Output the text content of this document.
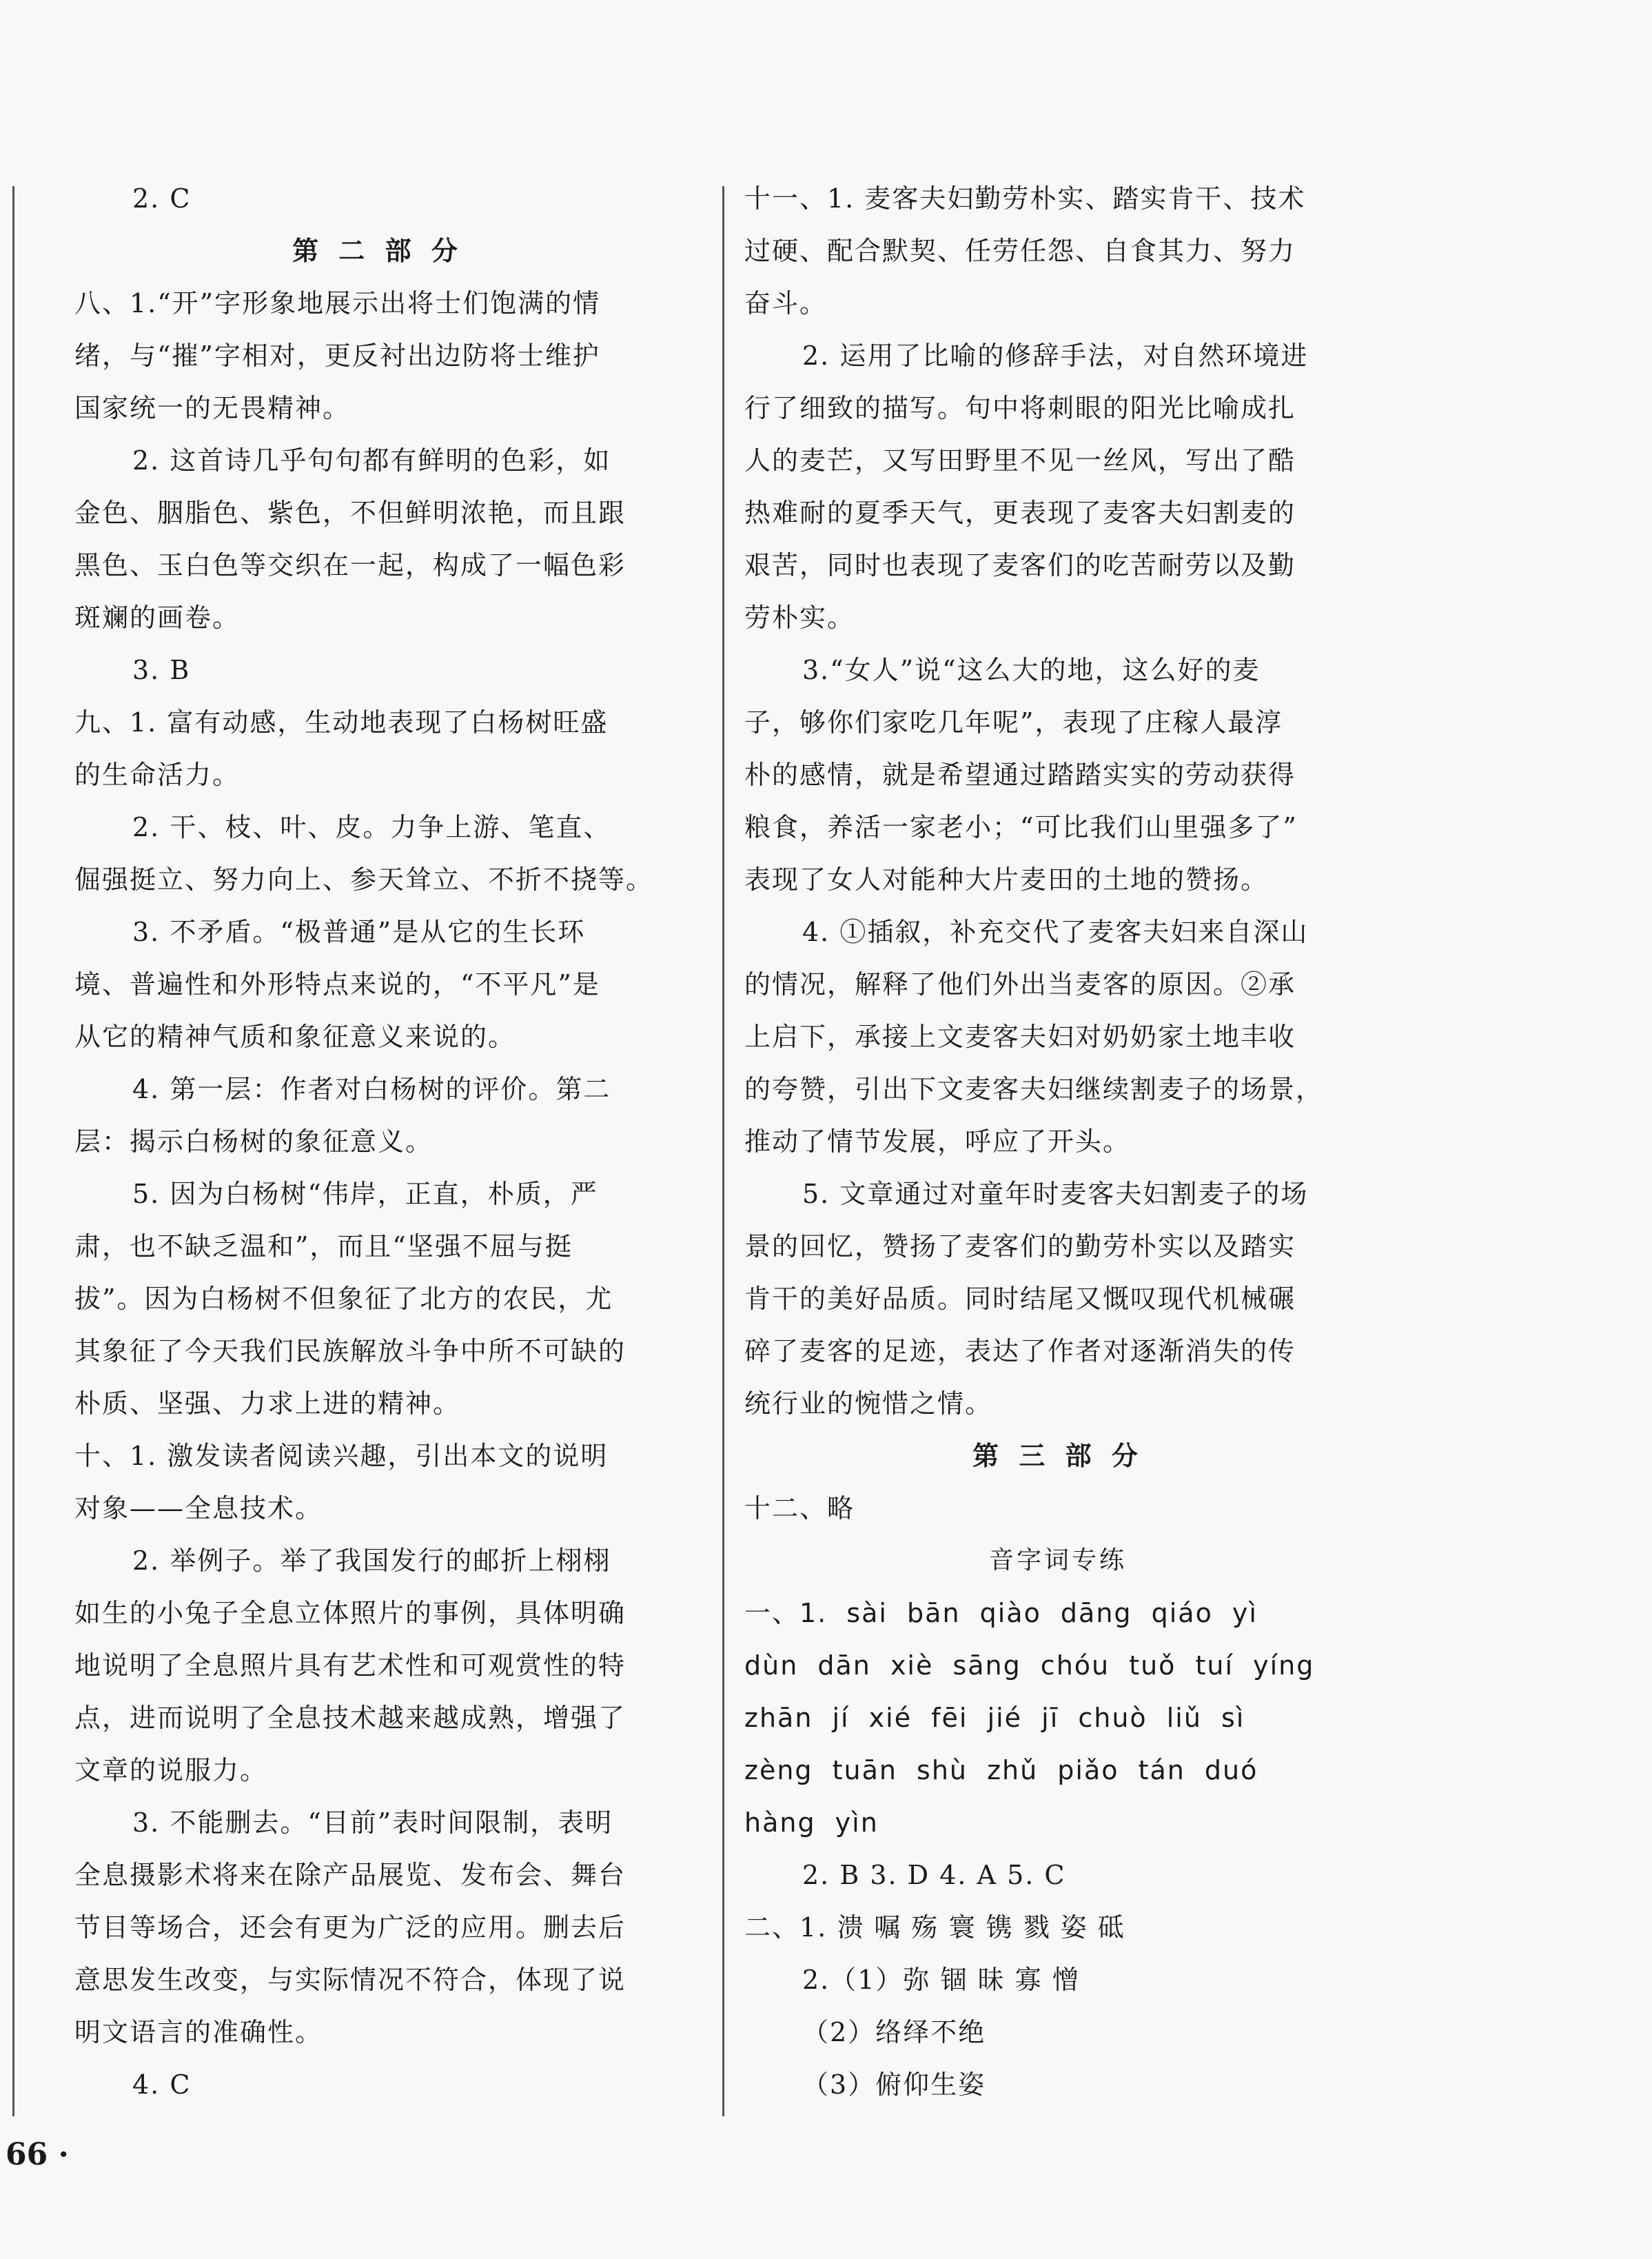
2. C
第 二 部 分
八、1.“开”字形象地展示出将士们饱满的情
绪，与“摧”字相对，更反衬出边防将士维护
国家统一的无畏精神。
2. 这首诗几乎句句都有鲜明的色彩，如
金色、胭脂色、紫色，不但鲜明浓艳，而且跟
黑色、玉白色等交织在一起，构成了一幅色彩
斑斓的画卷。
3. B
九、1. 富有动感，生动地表现了白杨树旺盛
的生命活力。
2. 干、枝、叶、皮。力争上游、笔直、
倔强挺立、努力向上、参天耸立、不折不挠等。
3. 不矛盾。“极普通”是从它的生长环
境、普遍性和外形特点来说的，“不平凡”是
从它的精神气质和象征意义来说的。
4. 第一层：作者对白杨树的评价。第二
层：揭示白杨树的象征意义。
5. 因为白杨树“伟岸，正直，朴质，严
肃，也不缺乏温和”，而且“坚强不屈与挺
拔”。因为白杨树不但象征了北方的农民，尤
其象征了今天我们民族解放斗争中所不可缺的
朴质、坚强、力求上进的精神。
十、1. 激发读者阅读兴趣，引出本文的说明
对象——全息技术。
2. 举例子。举了我国发行的邮折上栩栩
如生的小兔子全息立体照片的事例，具体明确
地说明了全息照片具有艺术性和可观赏性的特
点，进而说明了全息技术越来越成熟，增强了
文章的说服力。
3. 不能删去。“目前”表时间限制，表明
全息摄影术将来在除产品展览、发布会、舞台
节目等场合，还会有更为广泛的应用。删去后
意思发生改变，与实际情况不符合，体现了说
明文语言的准确性。
4. C
十一、1. 麦客夫妇勤劳朴实、踏实肯干、技术
过硬、配合默契、任劳任怨、自食其力、努力
奋斗。
2. 运用了比喻的修辞手法，对自然环境进
行了细致的描写。句中将刺眼的阳光比喻成扎
人的麦芒，又写田野里不见一丝风，写出了酷
热难耐的夏季天气，更表现了麦客夫妇割麦的
艰苦，同时也表现了麦客们的吃苦耐劳以及勤
劳朴实。
3.“女人”说“这么大的地，这么好的麦
子，够你们家吃几年呢”，表现了庄稼人最淳
朴的感情，就是希望通过踏踏实实的劳动获得
粮食，养活一家老小；“可比我们山里强多了”
表现了女人对能种大片麦田的土地的赞扬。
4. ①插叙，补充交代了麦客夫妇来自深山
的情况，解释了他们外出当麦客的原因。②承
上启下，承接上文麦客夫妇对奶奶家土地丰收
的夸赞，引出下文麦客夫妇继续割麦子的场景，
推动了情节发展，呼应了开头。
5. 文章通过对童年时麦客夫妇割麦子的场
景的回忆，赞扬了麦客们的勤劳朴实以及踏实
肯干的美好品质。同时结尾又慨叹现代机械碾
碎了麦客的足迹，表达了作者对逐渐消失的传
统行业的惋惜之情。
第 三 部 分
十二、略
音字词专练
一、1. sài bān qiào dāng qiáo yì
dùn dān xiè sāng chóu tuǒ tuí yíng
zhān jí xié fēi jié jī chuò liǔ sì
zèng tuān shù zhǔ piǎo tán duó
hàng yìn
2. B 3. D 4. A 5. C
二、1. 溃 嘱 殇 寰 镌 戮 姿 砥
2.（1）弥 锢 昧 寡 憎
（2）络绎不绝
（3）俯仰生姿
66 ·
